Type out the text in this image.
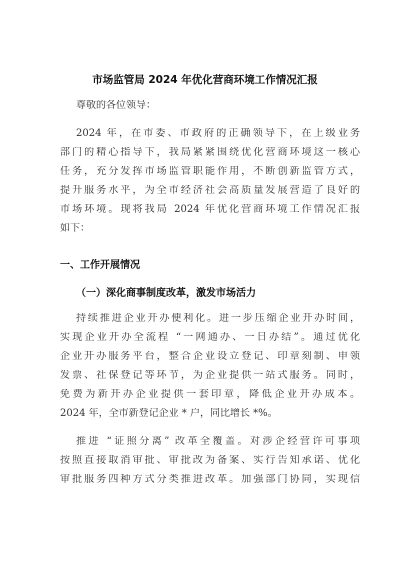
市场监管局 2024 年优化营商环境工作情况汇报
尊敬的各位领导：
2024 年，在市委、市政府的正确领导下，在上级业务
部门的精心指导下，我局紧紧围绕优化营商环境这一核心
任务，充分发挥市场监管职能作用，不断创新监管方式，
提升服务水平，为全市经济社会高质量发展营造了良好的
市场环境。现将我局 2024 年优化营商环境工作情况汇报
如下：
一、工作开展情况
（一）深化商事制度改革，激发市场活力
持续推进企业开办便利化。进一步压缩企业开办时间，
实现企业开办全流程 “一网通办、一日办结”。通过优化
企业开办服务平台，整合企业设立登记、印章刻制、申领
发票、社保登记等环节，为企业提供一站式服务。同时，
免费为新开办企业提供一套印章，降低企业开办成本。
2024 年，全市新登记企业 * 户，同比增长 *%。
推进 “证照分离” 改革全覆盖。对涉企经营许可事项
按照直接取消审批、审批改为备案、实行告知承诺、优化
审批服务四种方式分类推进改革。加强部门协同，实现信
